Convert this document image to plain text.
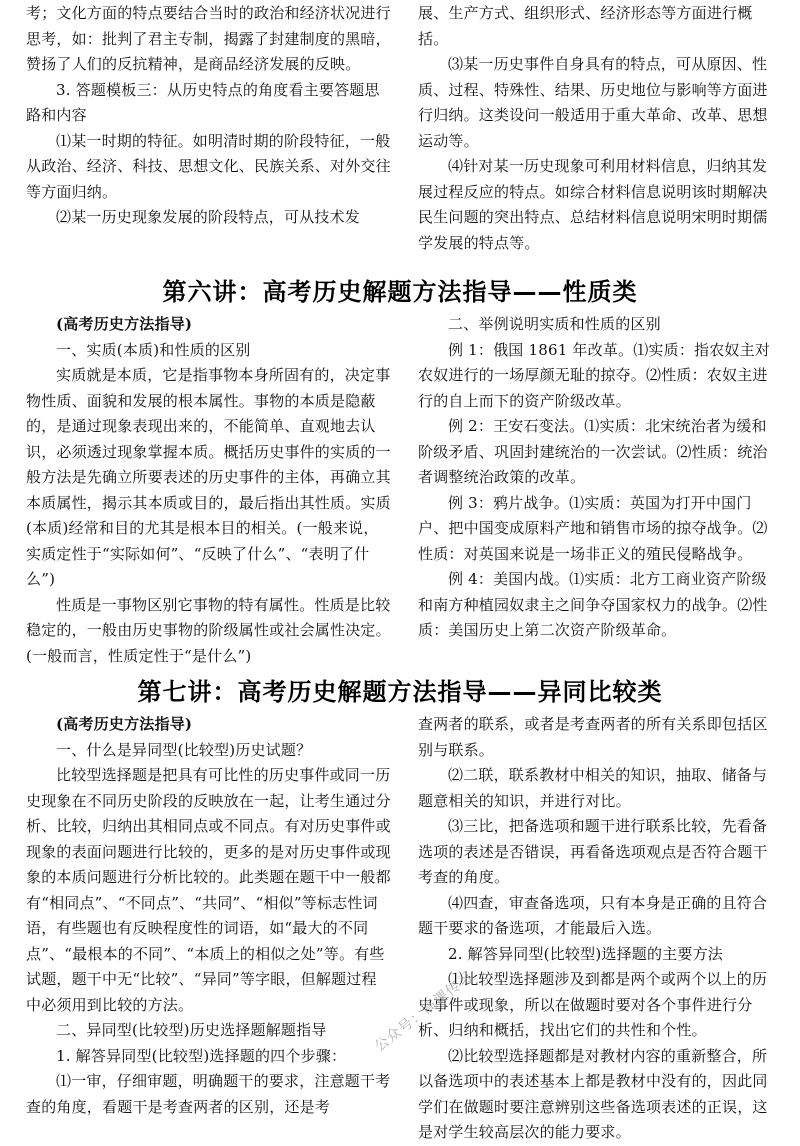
考；文化方面的特点要结合当时的政治和经济状况进行思考，如：批判了君主专制，揭露了封建制度的黑暗，赞扬了人们的反抗精神，是商品经济发展的反映。

3. 答题模板三：从历史特点的角度看主要答题思路和内容

⑴某一时期的特征。如明清时期的阶段特征，一般从政治、经济、科技、思想文化、民族关系、对外交往等方面归纳。

⑵某一历史现象发展的阶段特点，可从技术发

展、生产方式、组织形式、经济形态等方面进行概括。

⑶某一历史事件自身具有的特点，可从原因、性质、过程、特殊性、结果、历史地位与影响等方面进行归纳。这类设问一般适用于重大革命、改革、思想运动等。

⑷针对某一历史现象可利用材料信息，归纳其发展过程反应的特点。如综合材料信息说明该时期解决民生问题的突出特点、总结材料信息说明宋明时期儒学发展的特点等。

第六讲：高考历史解题方法指导——性质类

(高考历史方法指导)

一、实质(本质)和性质的区别

实质就是本质，它是指事物本身所固有的，决定事物性质、面貌和发展的根本属性。事物的本质是隐蔽的，是通过现象表现出来的，不能简单、直观地去认识，必须透过现象掌握本质。概括历史事件的实质的一般方法是先确立所要表述的历史事件的主体，再确立其本质属性，揭示其本质或目的，最后指出其性质。实质(本质)经常和目的尤其是根本目的相关。(一般来说，实质定性于“实际如何”、“反映了什么”、“表明了什么”)

性质是一事物区别它事物的特有属性。性质是比较稳定的，一般由历史事物的阶级属性或社会属性决定。(一般而言，性质定性于“是什么”)

二、举例说明实质和性质的区别

例 1：俄国 1861 年改革。⑴实质：指农奴主对农奴进行的一场厚颜无耻的掠夺。⑵性质：农奴主进行的自上而下的资产阶级改革。

例 2：王安石变法。⑴实质：北宋统治者为缓和阶级矛盾、巩固封建统治的一次尝试。⑵性质：统治者调整统治政策的改革。

例 3：鸦片战争。⑴实质：英国为打开中国门户、把中国变成原料产地和销售市场的掠夺战争。⑵性质：对英国来说是一场非正义的殖民侵略战争。

例 4：美国内战。⑴实质：北方工商业资产阶级和南方种植园奴隶主之间争夺国家权力的战争。⑵性质：美国历史上第二次资产阶级革命。

第七讲：高考历史解题方法指导——异同比较类

(高考历史方法指导)

一、什么是异同型(比较型)历史试题？

比较型选择题是把具有可比性的历史事件或同一历史现象在不同历史阶段的反映放在一起，让考生通过分析、比较，归纳出其相同点或不同点。有对历史事件或现象的表面问题进行比较的，更多的是对历史事件或现象的本质问题进行分析比较的。此类题在题干中一般都有“相同点”、“不同点”、“共同”、“相似”等标志性词语，有些题也有反映程度性的词语，如“最大的不同点”、“最根本的不同”、“本质上的相似之处”等。有些试题，题干中无“比较”、“异同”等字眼，但解题过程中必须用到比较的方法。

二、异同型(比较型)历史选择题解题指导

1. 解答异同型(比较型)选择题的四个步骤：

⑴一审，仔细审题，明确题干的要求，注意题干考查的角度，看题干是考查两者的区别，还是考

查两者的联系，或者是考查两者的所有关系即包括区别与联系。

⑵二联，联系教材中相关的知识，抽取、储备与题意相关的知识，并进行对比。

⑶三比，把备选项和题干进行联系比较，先看备选项的表述是否错误，再看备选项观点是否符合题干考查的角度。

⑷四查，审查备选项，只有本身是正确的且符合题干要求的备选项，才能最后入选。

2. 解答异同型(比较型)选择题的主要方法

⑴比较型选择题涉及到都是两个或两个以上的历史事件或现象，所以在做题时要对各个事件进行分析、归纳和概括，找出它们的共性和个性。

⑵比较型选择题都是对教材内容的重新整合，所以备选项中的表述基本上都是教材中没有的，因此同学们在做题时要注意辨别这些备选项表述的正误，这是对学生较高层次的能力要求。

公众号：高课传习
